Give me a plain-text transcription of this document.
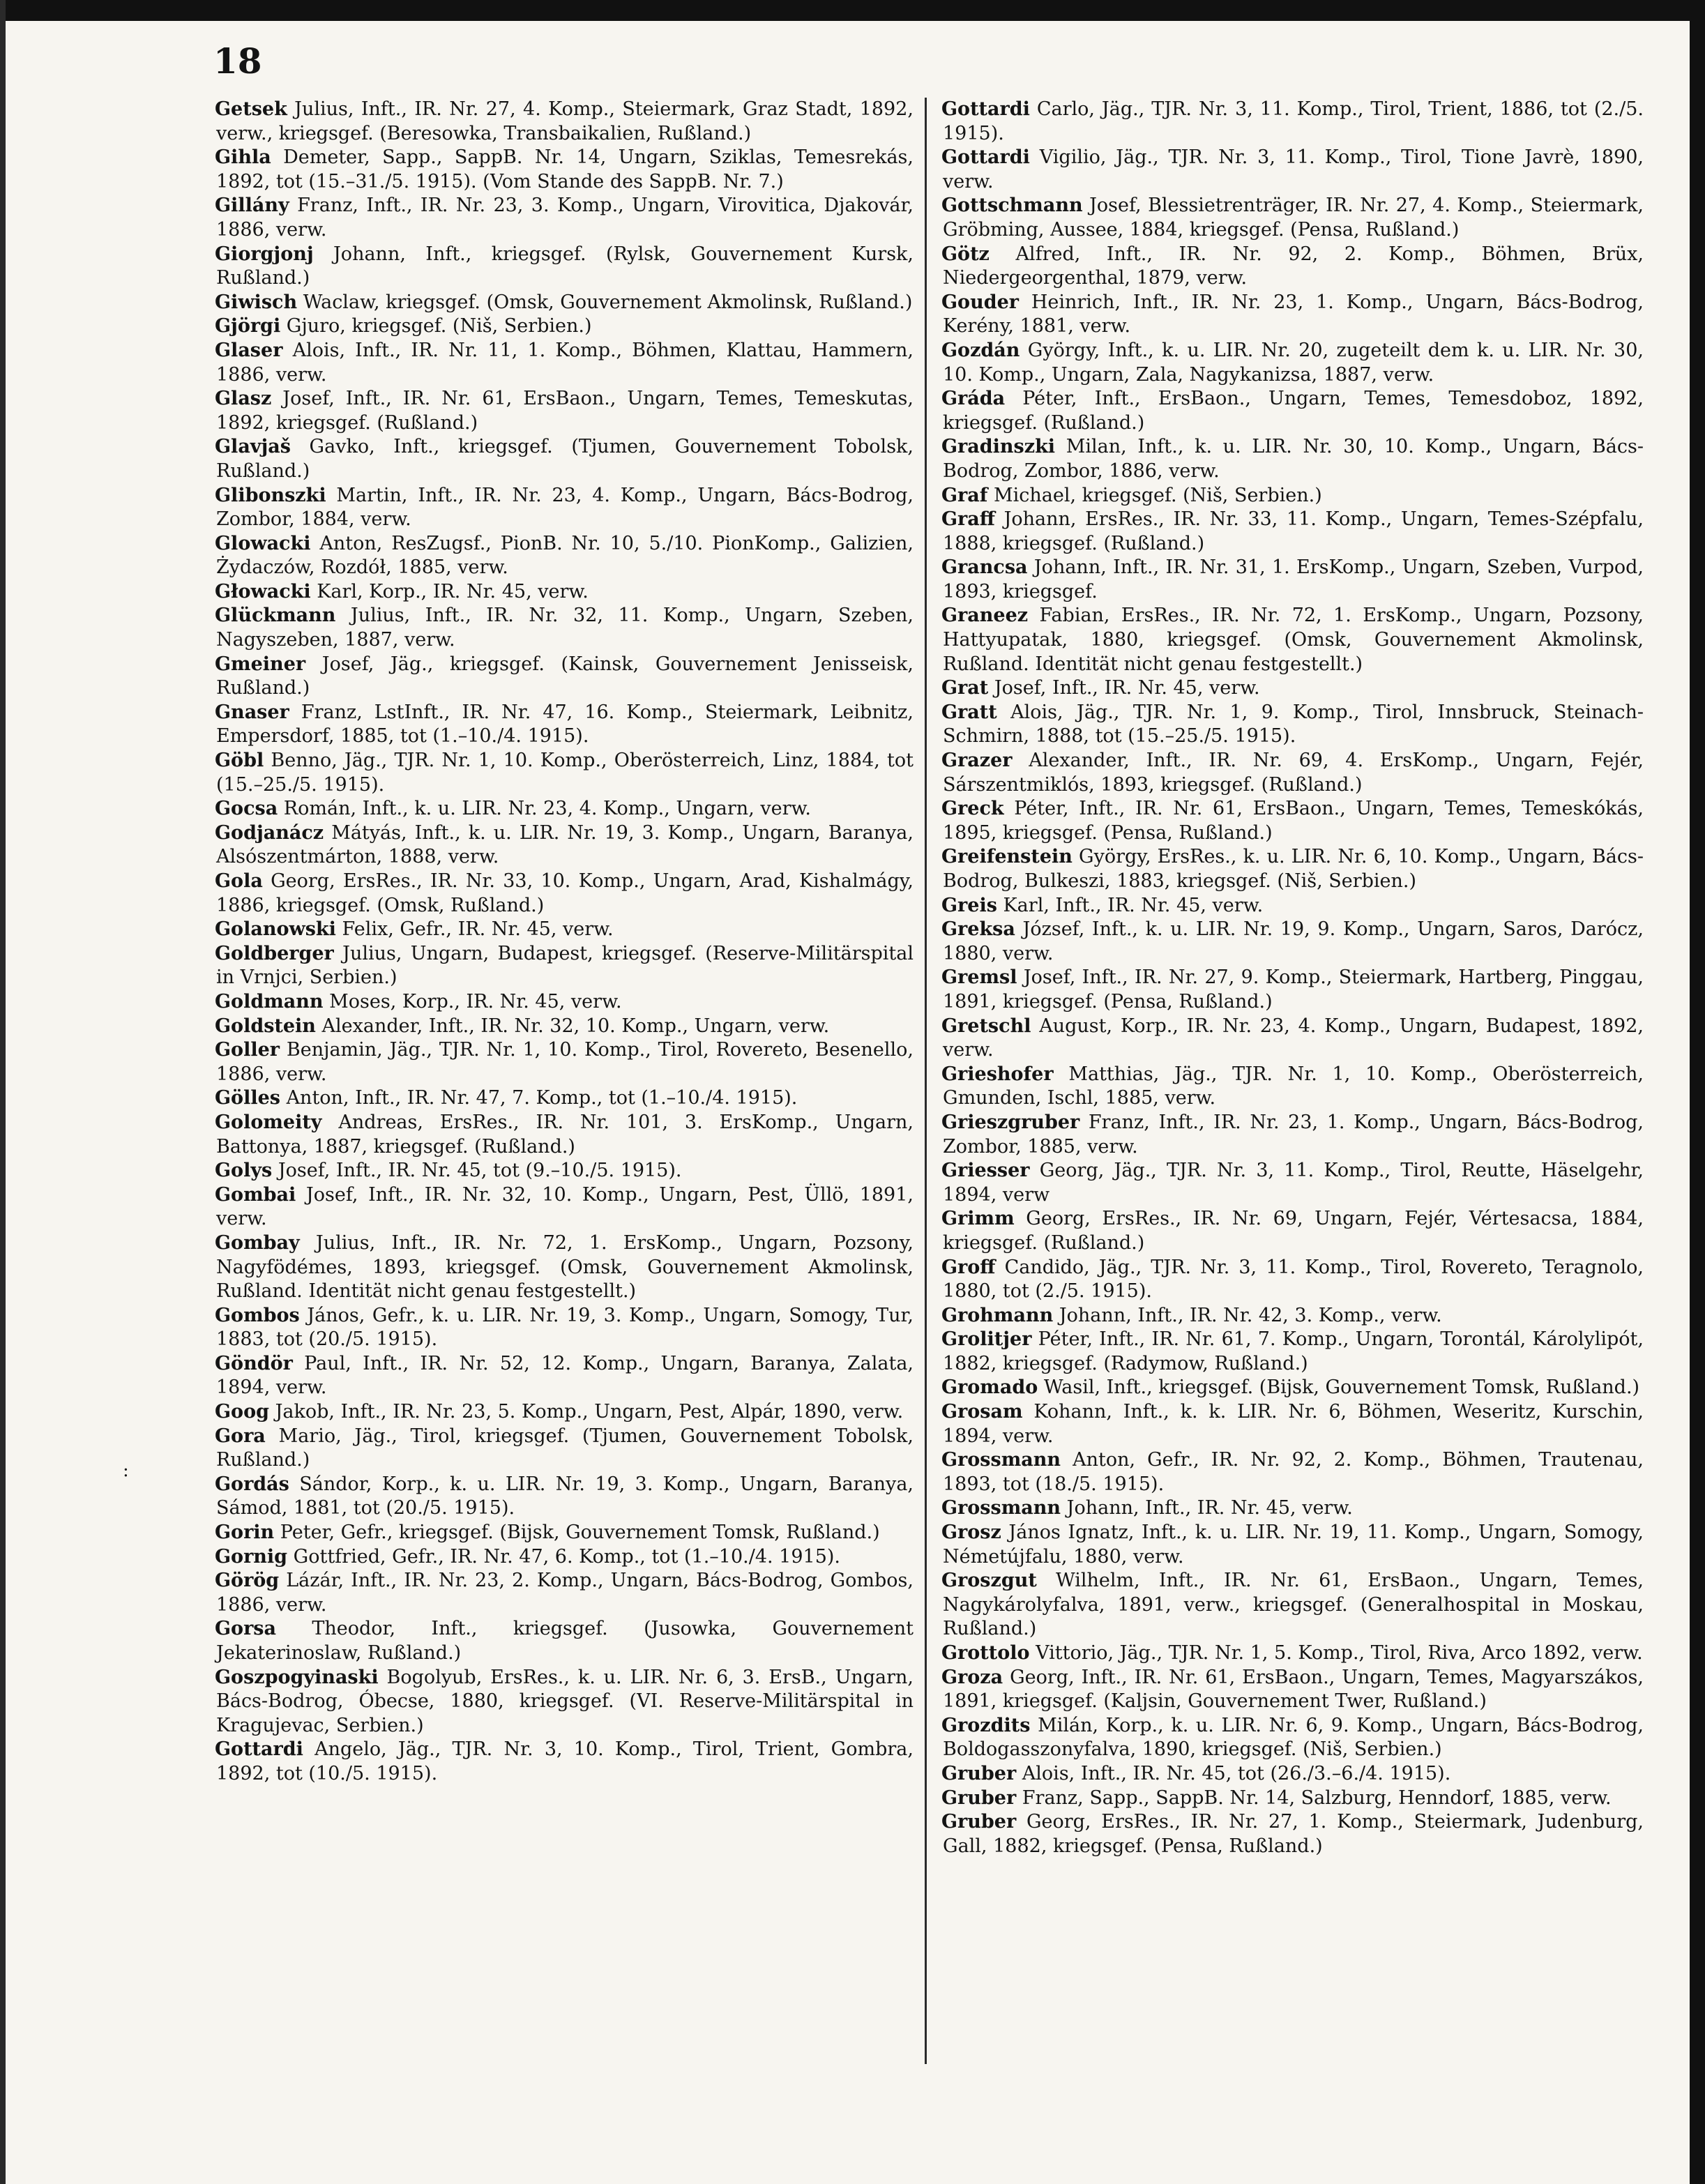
18
:

Getsek Julius, Inft., IR. Nr. 27, 4. Komp., Steiermark, Graz Stadt, 1892, verw., kriegsgef. (Beresowka, Transbaikalien, Rußland.)

Gihla Demeter, Sapp., SappB. Nr. 14, Ungarn, Sziklas, Temesrekás, 1892, tot (15.–31./5. 1915). (Vom Stande des SappB. Nr. 7.)

Gillány Franz, Inft., IR. Nr. 23, 3. Komp., Ungarn, Virovitica, Djakovár, 1886, verw.

Giorgjonj Johann, Inft., kriegsgef. (Rylsk, Gouvernement Kursk, Rußland.)

Giwisch Waclaw, kriegsgef. (Omsk, Gouvernement Akmolinsk, Rußland.)

Gjörgi Gjuro, kriegsgef. (Niš, Serbien.)

Glaser Alois, Inft., IR. Nr. 11, 1. Komp., Böhmen, Klattau, Hammern, 1886, verw.

Glasz Josef, Inft., IR. Nr. 61, ErsBaon., Ungarn, Temes, Temeskutas, 1892, kriegsgef. (Rußland.)

Glavjaš Gavko, Inft., kriegsgef. (Tjumen, Gouvernement Tobolsk, Rußland.)

Glibonszki Martin, Inft., IR. Nr. 23, 4. Komp., Ungarn, Bács-Bodrog, Zombor, 1884, verw.

Glowacki Anton, ResZugsf., PionB. Nr. 10, 5./10. PionKomp., Galizien, Żydaczów, Rozdół, 1885, verw.

Głowacki Karl, Korp., IR. Nr. 45, verw.

Glückmann Julius, Inft., IR. Nr. 32, 11. Komp., Ungarn, Szeben, Nagyszeben, 1887, verw.

Gmeiner Josef, Jäg., kriegsgef. (Kainsk, Gouvernement Jenisseisk, Rußland.)

Gnaser Franz, LstInft., IR. Nr. 47, 16. Komp., Steiermark, Leibnitz, Empersdorf, 1885, tot (1.–10./4. 1915).

Göbl Benno, Jäg., TJR. Nr. 1, 10. Komp., Oberösterreich, Linz, 1884, tot (15.–25./5. 1915).

Gocsa Román, Inft., k. u. LIR. Nr. 23, 4. Komp., Ungarn, verw.

Godjanácz Mátyás, Inft., k. u. LIR. Nr. 19, 3. Komp., Ungarn, Baranya, Alsószentmárton, 1888, verw.

Gola Georg, ErsRes., IR. Nr. 33, 10. Komp., Ungarn, Arad, Kishalmágy, 1886, kriegsgef. (Omsk, Rußland.)

Golanowski Felix, Gefr., IR. Nr. 45, verw.

Goldberger Julius, Ungarn, Budapest, kriegsgef. (Reserve-Militärspital in Vrnjci, Serbien.)

Goldmann Moses, Korp., IR. Nr. 45, verw.

Goldstein Alexander, Inft., IR. Nr. 32, 10. Komp., Ungarn, verw.

Goller Benjamin, Jäg., TJR. Nr. 1, 10. Komp., Tirol, Rovereto, Besenello, 1886, verw.

Gölles Anton, Inft., IR. Nr. 47, 7. Komp., tot (1.–10./4. 1915).

Golomeity Andreas, ErsRes., IR. Nr. 101, 3. ErsKomp., Ungarn, Battonya, 1887, kriegsgef. (Rußland.)

Golys Josef, Inft., IR. Nr. 45, tot (9.–10./5. 1915).

Gombai Josef, Inft., IR. Nr. 32, 10. Komp., Ungarn, Pest, Üllö, 1891, verw.

Gombay Julius, Inft., IR. Nr. 72, 1. ErsKomp., Ungarn, Pozsony, Nagyfödémes, 1893, kriegsgef. (Omsk, Gouvernement Akmolinsk, Rußland. Identität nicht genau festgestellt.)

Gombos János, Gefr., k. u. LIR. Nr. 19, 3. Komp., Ungarn, Somogy, Tur, 1883, tot (20./5. 1915).

Göndör Paul, Inft., IR. Nr. 52, 12. Komp., Ungarn, Baranya, Zalata, 1894, verw.

Goog Jakob, Inft., IR. Nr. 23, 5. Komp., Ungarn, Pest, Alpár, 1890, verw.

Gora Mario, Jäg., Tirol, kriegsgef. (Tjumen, Gouvernement Tobolsk, Rußland.)

Gordás Sándor, Korp., k. u. LIR. Nr. 19, 3. Komp., Ungarn, Baranya, Sámod, 1881, tot (20./5. 1915).

Gorin Peter, Gefr., kriegsgef. (Bijsk, Gouvernement Tomsk, Rußland.)

Gornig Gottfried, Gefr., IR. Nr. 47, 6. Komp., tot (1.–10./4. 1915).

Görög Lázár, Inft., IR. Nr. 23, 2. Komp., Ungarn, Bács-Bodrog, Gombos, 1886, verw.

Gorsa Theodor, Inft., kriegsgef. (Jusowka, Gouvernement Jekaterinoslaw, Rußland.)

Goszpogyinaski Bogolyub, ErsRes., k. u. LIR. Nr. 6, 3. ErsB., Ungarn, Bács-Bodrog, Óbecse, 1880, kriegsgef. (VI. Reserve-Militärspital in Kragujevac, Serbien.)

Gottardi Angelo, Jäg., TJR. Nr. 3, 10. Komp., Tirol, Trient, Gombra, 1892, tot (10./5. 1915).

Gottardi Carlo, Jäg., TJR. Nr. 3, 11. Komp., Tirol, Trient, 1886, tot (2./5. 1915).

Gottardi Vigilio, Jäg., TJR. Nr. 3, 11. Komp., Tirol, Tione Javrè, 1890, verw.

Gottschmann Josef, Blessietrenträger, IR. Nr. 27, 4. Komp., Steiermark, Gröbming, Aussee, 1884, kriegsgef. (Pensa, Rußland.)

Götz Alfred, Inft., IR. Nr. 92, 2. Komp., Böhmen, Brüx, Niedergeorgenthal, 1879, verw.

Gouder Heinrich, Inft., IR. Nr. 23, 1. Komp., Ungarn, Bács-Bodrog, Kerény, 1881, verw.

Gozdán György, Inft., k. u. LIR. Nr. 20, zugeteilt dem k. u. LIR. Nr. 30, 10. Komp., Ungarn, Zala, Nagykanizsa, 1887, verw.

Gráda Péter, Inft., ErsBaon., Ungarn, Temes, Temesdoboz, 1892, kriegsgef. (Rußland.)

Gradinszki Milan, Inft., k. u. LIR. Nr. 30, 10. Komp., Ungarn, Bács-Bodrog, Zombor, 1886, verw.

Graf Michael, kriegsgef. (Niš, Serbien.)

Graff Johann, ErsRes., IR. Nr. 33, 11. Komp., Ungarn, Temes-Szépfalu, 1888, kriegsgef. (Rußland.)

Grancsa Johann, Inft., IR. Nr. 31, 1. ErsKomp., Ungarn, Szeben, Vurpod, 1893, kriegsgef.

Graneez Fabian, ErsRes., IR. Nr. 72, 1. ErsKomp., Ungarn, Pozsony, Hattyupatak, 1880, kriegsgef. (Omsk, Gouvernement Akmolinsk, Rußland. Identität nicht genau festgestellt.)

Grat Josef, Inft., IR. Nr. 45, verw.

Gratt Alois, Jäg., TJR. Nr. 1, 9. Komp., Tirol, Innsbruck, Steinach-Schmirn, 1888, tot (15.–25./5. 1915).

Grazer Alexander, Inft., IR. Nr. 69, 4. ErsKomp., Ungarn, Fejér, Sárszentmiklós, 1893, kriegsgef. (Rußland.)

Greck Péter, Inft., IR. Nr. 61, ErsBaon., Ungarn, Temes, Temeskókás, 1895, kriegsgef. (Pensa, Rußland.)

Greifenstein György, ErsRes., k. u. LIR. Nr. 6, 10. Komp., Ungarn, Bács-Bodrog, Bulkeszi, 1883, kriegsgef. (Niš, Serbien.)

Greis Karl, Inft., IR. Nr. 45, verw.

Greksa József, Inft., k. u. LIR. Nr. 19, 9. Komp., Ungarn, Saros, Darócz, 1880, verw.

Gremsl Josef, Inft., IR. Nr. 27, 9. Komp., Steiermark, Hartberg, Pinggau, 1891, kriegsgef. (Pensa, Rußland.)

Gretschl August, Korp., IR. Nr. 23, 4. Komp., Ungarn, Budapest, 1892, verw.

Grieshofer Matthias, Jäg., TJR. Nr. 1, 10. Komp., Oberösterreich, Gmunden, Ischl, 1885, verw.

Grieszgruber Franz, Inft., IR. Nr. 23, 1. Komp., Ungarn, Bács-Bodrog, Zombor, 1885, verw.

Griesser Georg, Jäg., TJR. Nr. 3, 11. Komp., Tirol, Reutte, Häselgehr, 1894, verw

Grimm Georg, ErsRes., IR. Nr. 69, Ungarn, Fejér, Vértesacsa, 1884, kriegsgef. (Rußland.)

Groff Candido, Jäg., TJR. Nr. 3, 11. Komp., Tirol, Rovereto, Teragnolo, 1880, tot (2./5. 1915).

Grohmann Johann, Inft., IR. Nr. 42, 3. Komp., verw.

Grolitjer Péter, Inft., IR. Nr. 61, 7. Komp., Ungarn, Torontál, Károlylipót, 1882, kriegsgef. (Radymow, Rußland.)

Gromado Wasil, Inft., kriegsgef. (Bijsk, Gouvernement Tomsk, Rußland.)

Grosam Kohann, Inft., k. k. LIR. Nr. 6, Böhmen, Weseritz, Kurschin, 1894, verw.

Grossmann Anton, Gefr., IR. Nr. 92, 2. Komp., Böhmen, Trautenau, 1893, tot (18./5. 1915).

Grossmann Johann, Inft., IR. Nr. 45, verw.

Grosz János Ignatz, Inft., k. u. LIR. Nr. 19, 11. Komp., Ungarn, Somogy, Németújfalu, 1880, verw.

Groszgut Wilhelm, Inft., IR. Nr. 61, ErsBaon., Ungarn, Temes, Nagykárolyfalva, 1891, verw., kriegsgef. (Generalhospital in Moskau, Rußland.)

Grottolo Vittorio, Jäg., TJR. Nr. 1, 5. Komp., Tirol, Riva, Arco 1892, verw.

Groza Georg, Inft., IR. Nr. 61, ErsBaon., Ungarn, Temes, Magyarszákos, 1891, kriegsgef. (Kaljsin, Gouvernement Twer, Rußland.)

Grozdits Milán, Korp., k. u. LIR. Nr. 6, 9. Komp., Ungarn, Bács-Bodrog, Boldogasszonyfalva, 1890, kriegsgef. (Niš, Serbien.)

Gruber Alois, Inft., IR. Nr. 45, tot (26./3.–6./4. 1915).

Gruber Franz, Sapp., SappB. Nr. 14, Salzburg, Henndorf, 1885, verw.

Gruber Georg, ErsRes., IR. Nr. 27, 1. Komp., Steiermark, Judenburg, Gall, 1882, kriegsgef. (Pensa, Rußland.)
